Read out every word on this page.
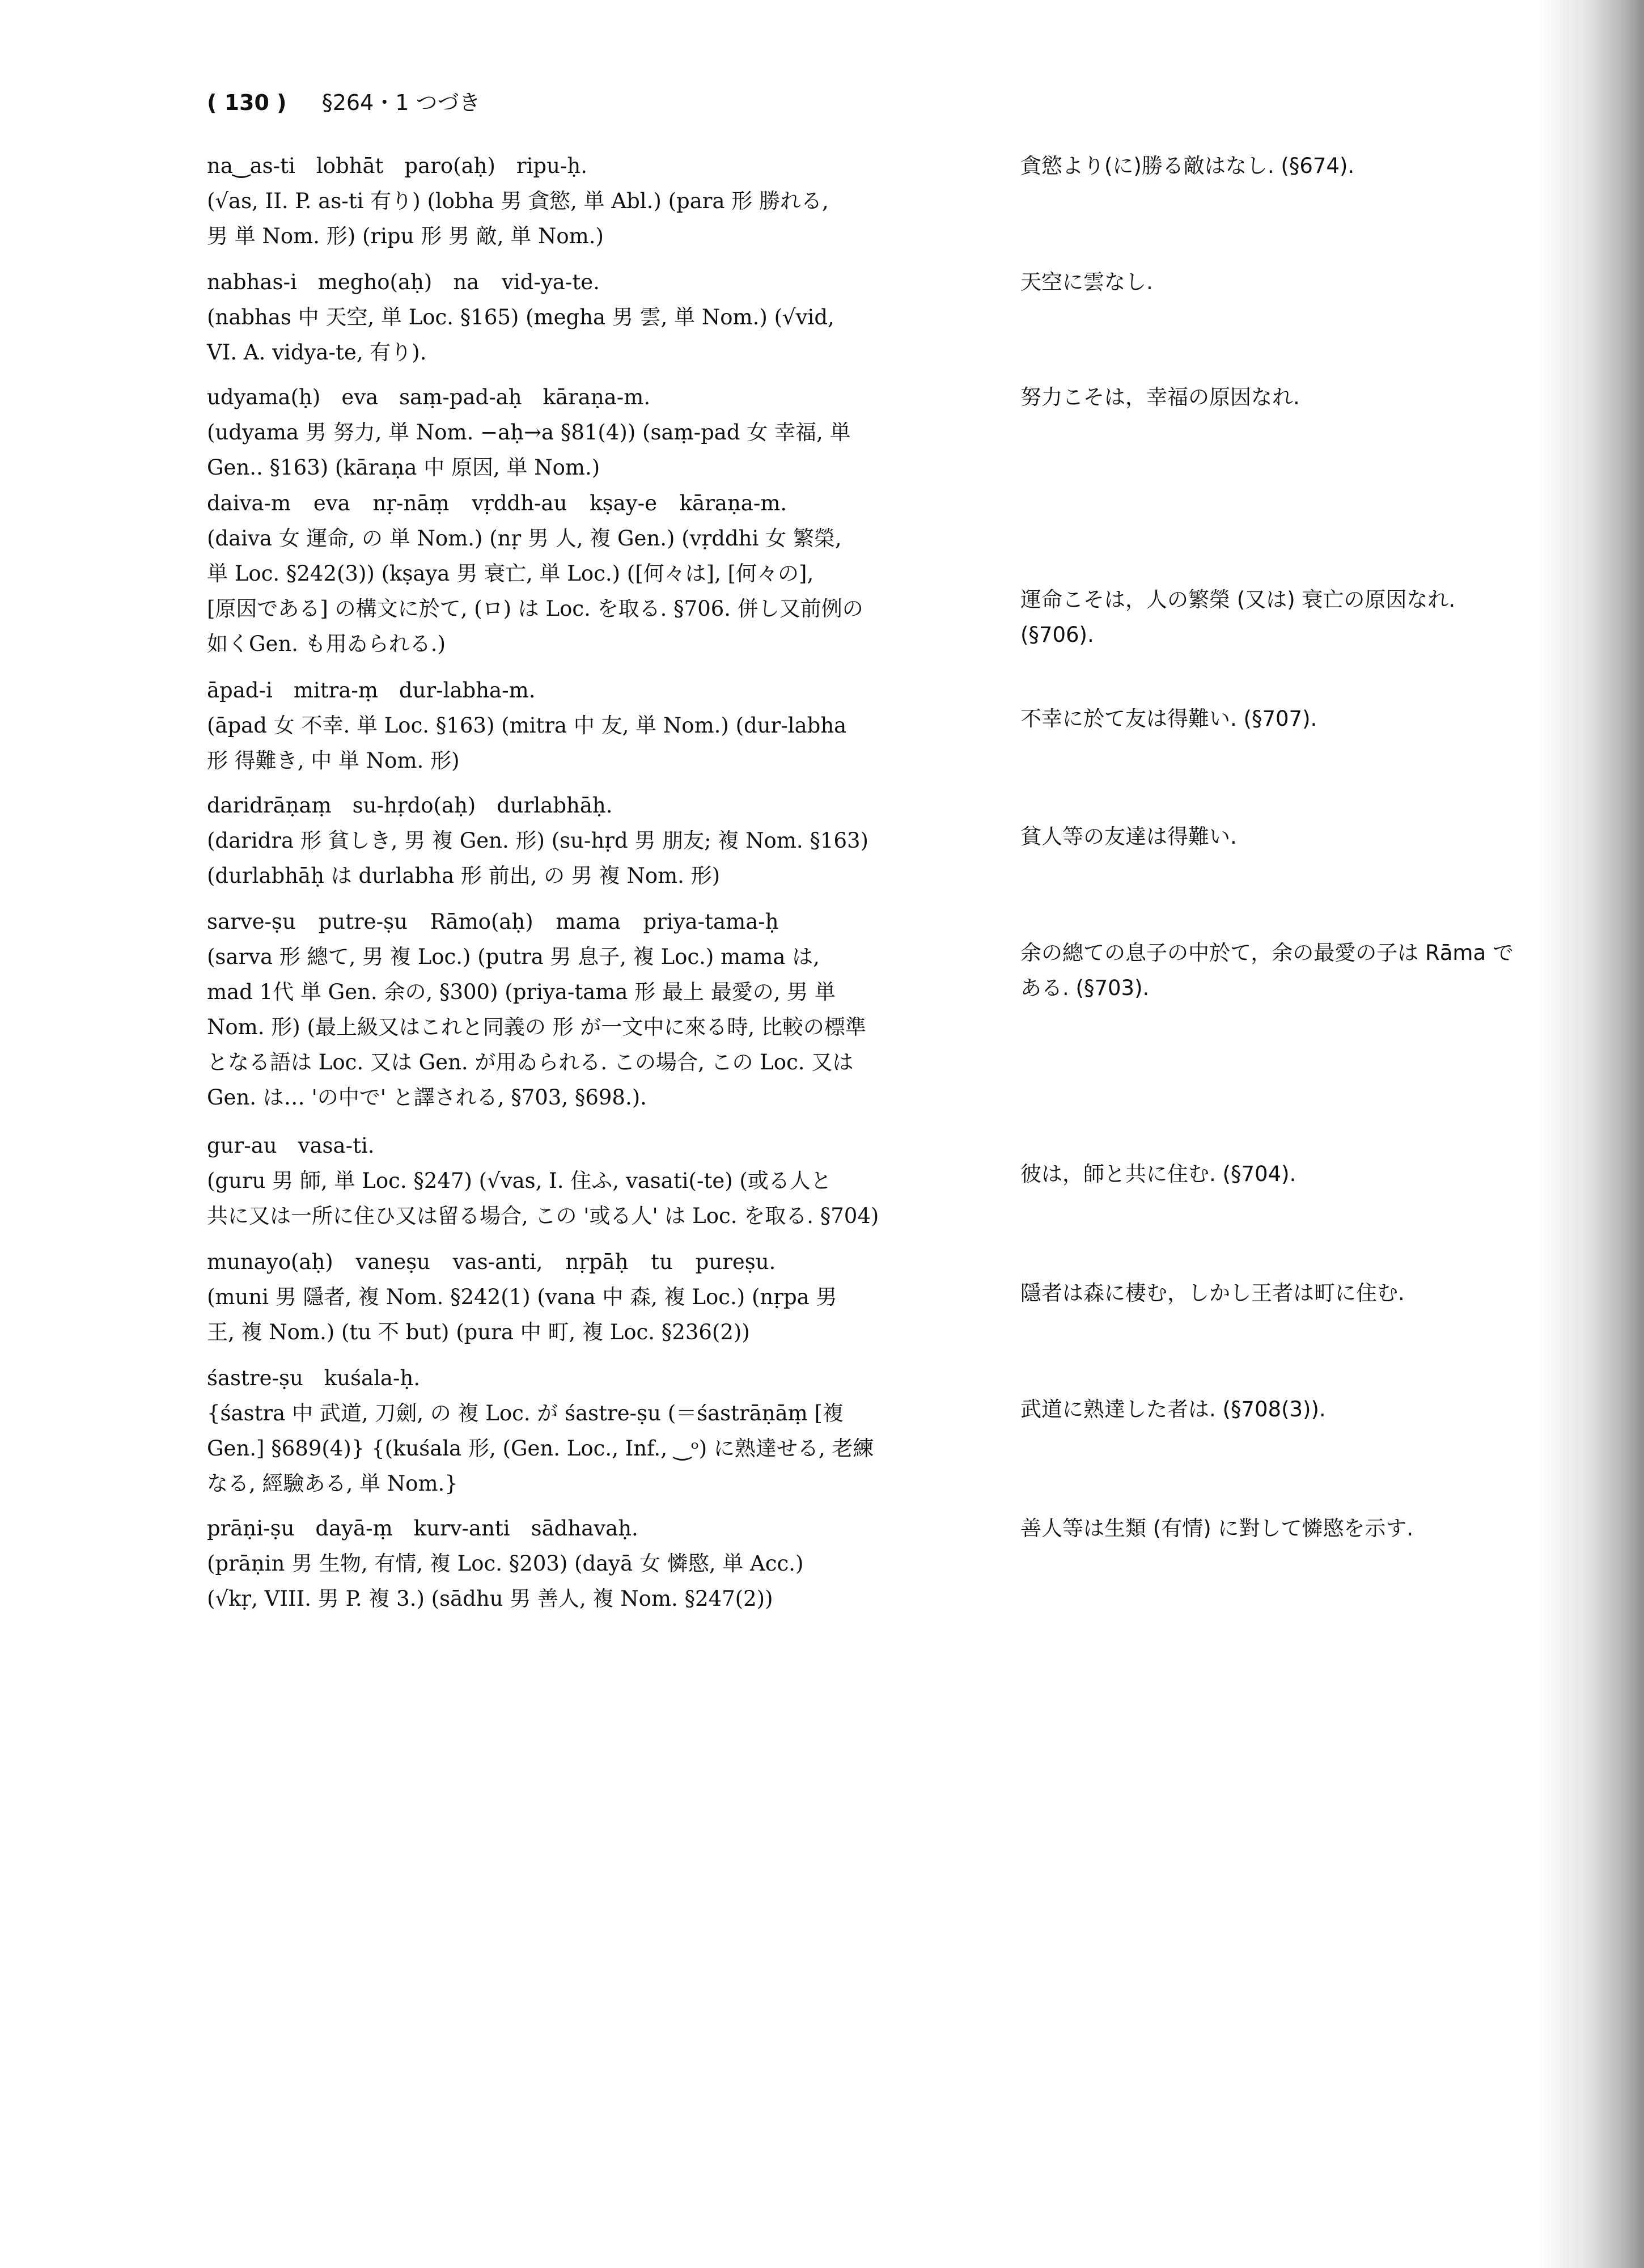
( 130 ) 　 §264・1 つづき
na‿as-ti　lobhāt　paro(aḥ)　ripu-ḥ.
(√as, II. P. as-ti 有り) (lobha 男 貪慾, 単 Abl.) (para 形 勝れる,
男 単 Nom. 形) (ripu 形 男 敵, 単 Nom.)
貪慾より(に)勝る敵はなし. (§674).
nabhas-i　megho(aḥ)　na vid-ya-te.
(nabhas 中 天空, 単 Loc. §165) (megha 男 雲, 単 Nom.) (√vid,
VI. A. vidya-te, 有り).
天空に雲なし.
udyama(ḥ)　eva　saṃ-pad-aḥ　kāraṇa-m.
(udyama 男 努力, 単 Nom. −aḥ→a §81(4)) (saṃ-pad 女 幸福, 単
Gen.. §163) (kāraṇa 中 原因, 単 Nom.)
努力こそは，幸福の原因なれ.
daiva-m eva nṛ-nāṃ vṛddh-au kṣay-e kāraṇa-m.
(daiva 女 運命, の 単 Nom.) (nṛ 男 人, 複 Gen.) (vṛddhi 女 繁榮,
単 Loc. §242(3)) (kṣaya 男 衰亡, 単 Loc.) ([何々は], [何々の],
[原因である] の構文に於て, (ロ) は Loc. を取る. §706. 併し又前例の
如くGen. も用ゐられる.)
運命こそは，人の繁榮 (又は) 衰亡の原因なれ. (§706).
āpad-i　mitra-ṃ　dur-labha-m.
(āpad 女 不幸. 単 Loc. §163) (mitra 中 友, 単 Nom.) (dur-labha
形 得難き, 中 単 Nom. 形)
不幸に於て友は得難い. (§707).
daridrāṇaṃ　su-hṛdo(aḥ)　durlabhāḥ.
(daridra 形 貧しき, 男 複 Gen. 形) (su-hṛd 男 朋友; 複 Nom. §163)
(durlabhāḥ は durlabha 形 前出, の 男 複 Nom. 形)
貧人等の友達は得難い.
sarve-ṣu putre-ṣu Rāmo(aḥ) mama priya-tama-ḥ
(sarva 形 總て, 男 複 Loc.) (putra 男 息子, 複 Loc.) mama は,
mad 1代 単 Gen. 余の, §300) (priya-tama 形 最上 最愛の, 男 単
Nom. 形) (最上級又はこれと同義の 形 が一文中に來る時, 比較の標準
となる語は Loc. 又は Gen. が用ゐられる. この場合, この Loc. 又は
Gen. は… 'の中で' と譯される, §703, §698.).
余の總ての息子の中於て，余の最愛の子は Rāma である. (§703).
gur-au　vasa-ti.
(guru 男 師, 単 Loc. §247) (√vas, I. 住ふ, vasati(-te) (或る人と
共に又は一所に住ひ又は留る場合, この '或る人' は Loc. を取る. §704)
彼は，師と共に住む. (§704).
munayo(aḥ) vaneṣu vas-anti, nṛpāḥ tu pureṣu.
(muni 男 隱者, 複 Nom. §242(1) (vana 中 森, 複 Loc.) (nṛpa 男
王, 複 Nom.) (tu 不 but) (pura 中 町, 複 Loc. §236(2))
隱者は森に棲む，しかし王者は町に住む.
śastre-ṣu　kuśala-ḥ.
{śastra 中 武道, 刀劍, の 複 Loc. が śastre-ṣu (＝śastrāṇāṃ [複
Gen.] §689(4)} {(kuśala 形, (Gen. Loc., Inf., ‿ᵒ) に熟達せる, 老練
なる, 經驗ある, 単 Nom.}
武道に熟達した者は. (§708(3)).
prāṇi-ṣu　dayā-ṃ　kurv-anti　sādhavaḥ.
(prāṇin 男 生物, 有情, 複 Loc. §203) (dayā 女 憐愍, 単 Acc.)
(√kṛ, VIII. 男 P. 複 3.) (sādhu 男 善人, 複 Nom. §247(2))
善人等は生類 (有情) に對して憐愍を示す.
